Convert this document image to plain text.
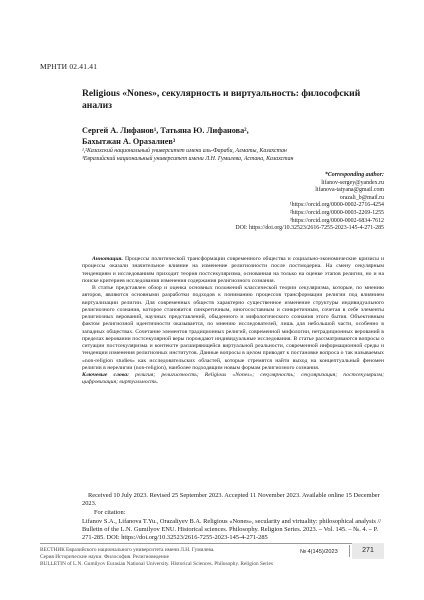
МРНТИ 02.41.41
Religious «Nones», секулярность и виртуальность: философский анализ
Сергей А. Лифанов¹, Татьяна Ю. Лифанова²,
Бахытжан А. Оразалиев³
¹,²Казахский национальный университет имени аль-Фараби, Алматы, Казахстан
³Евразийский национальный университет имени Л.Н. Гумилева, Астана, Казахстан
*Corresponding author:
lifanov-sergey@yandex.ru
lifanova-tatyana@gmail.com
orazali_b@mail.ru
¹https://orcid.org/0000-0002-2716-4254
²https://orcid.org/0000-0003-2269-1255
³https://orcid.org/0000-0002-6834-7612
DOI: https://doi.org/10.32523/2616-7255-2023-145-4-271-285

Аннотация. Процессы политической трансформации современного общества и социально-экономические кризисы и процессы оказали значительное влияние на изменение религиозности после постмодерна. На смену секулярным тенденциям и исследованиям приходит теория постсекуляризма, основанная на только на оценке этапов религии, но и на поиске критериев исследования изменения содержания религиозного сознания.

В статье представлен обзор и оценка основных положений классической теории секуляризма, которые, по мнению авторов, являются основными разработки подходов к пониманию процессов трансформации религии под влиянием виртуализации религии. Для современных обществ характерно существенное изменение структуры индивидуального религиозного сознания, которое становится синкретичным, многосоставным и синкретичным, сочетая в себе элементы религиозных верований, научных представлений, обыденного и мифологического сознания этого бытия. Объективным фактом религиозной идентичности оказывается, по мнению исследователей, лишь для небольшой части, особенно в западных обществах. Сочетание элементов традиционных религий, современной мифологии, нетрадиционных верований в пределах веровании постсекулярной веры порождают индивидуальные исследования. В статье рассматриваются вопросы о ситуации постсекуляризма и контексте расширяющейся виртуальной реальности, современной информационной среды и тенденции изменения религиозных институтов. Данные вопросы в целом приводят к постановке вопроса о так называемых «non-religion studies» как исследовательских областей, которые стремятся найти выход на концептуальный феномен религии в нерелигии (non-religion), наиболее подходящим новым формам религиозного сознания.

Ключевые слова: религия; религиозность; Religious «Nones»; секулярность; секуляризация; постсекуляризм; цифровизация; виртуальность.

Received 10 July 2023. Revised 25 September 2023. Accepted 11 November 2023. Available online 15 December 2023.

For citation:

Lifanov S.A., Lifanova T.Yu., Orazaliyev B.A. Religious «Nones», secularity and virtuality: philosophical analysis // Bulletin of the L.N. Gumilyov ENU. Historical sciences. Philosophy. Religion Series. 2023. – Vol. 145. – №. 4. – P. 271-285. DOI: https://doi.org/10.32523/2616-7255-2023-145-4-271-285

ВЕСТНИК Евразийского национального университета имени Л.Н. Гумилева.
Серия Исторические науки. Философия. Религиоведение
BULLETIN of L.N. Gumilyov Eurasian National University. Historical Sciences. Philosophy. Religion Series
№ 4(145)/2023	271
